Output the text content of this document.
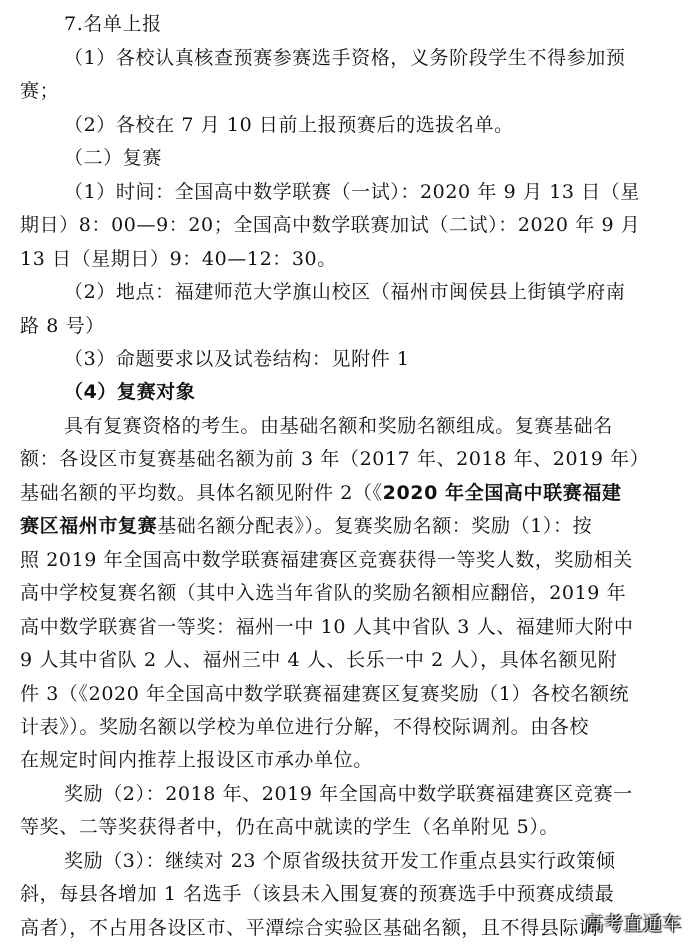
7.名单上报
（1）各校认真核查预赛参赛选手资格，义务阶段学生不得参加预
赛；
（2）各校在 7 月 10 日前上报预赛后的选拔名单。
（二）复赛
（1）时间：全国高中数学联赛（一试）：2020 年 9 月 13 日（星
期日）8：00—9：20；全国高中数学联赛加试（二试）：2020 年 9 月
13 日（星期日）9：40—12：30。
（2）地点：福建师范大学旗山校区（福州市闽侯县上街镇学府南
路 8 号）
（3）命题要求以及试卷结构：见附件 1
（4）复赛对象
具有复赛资格的考生。由基础名额和奖励名额组成。复赛基础名
额：各设区市复赛基础名额为前 3 年（2017 年、2018 年、2019 年）
基础名额的平均数。具体名额见附件 2（《2020 年全国高中联赛福建
赛区福州市复赛基础名额分配表》）。复赛奖励名额：奖励（1）：按
照 2019 年全国高中数学联赛福建赛区竞赛获得一等奖人数，奖励相关
高中学校复赛名额（其中入选当年省队的奖励名额相应翻倍，2019 年
高中数学联赛省一等奖：福州一中 10 人其中省队 3 人、福建师大附中
9 人其中省队 2 人、福州三中 4 人、长乐一中 2 人），具体名额见附
件 3（《2020 年全国高中数学联赛福建赛区复赛奖励（1）各校名额统
计表》）。奖励名额以学校为单位进行分解，不得校际调剂。由各校
在规定时间内推荐上报设区市承办单位。
奖励（2）：2018 年、2019 年全国高中数学联赛福建赛区竞赛一
等奖、二等奖获得者中，仍在高中就读的学生（名单附见 5）。
奖励（3）：继续对 23 个原省级扶贫开发工作重点县实行政策倾
斜，每县各增加 1 名选手（该县未入围复赛的预赛选手中预赛成绩最
高者），不占用各设区市、平潭综合实验区基础名额，且不得县际调
高考直通车
